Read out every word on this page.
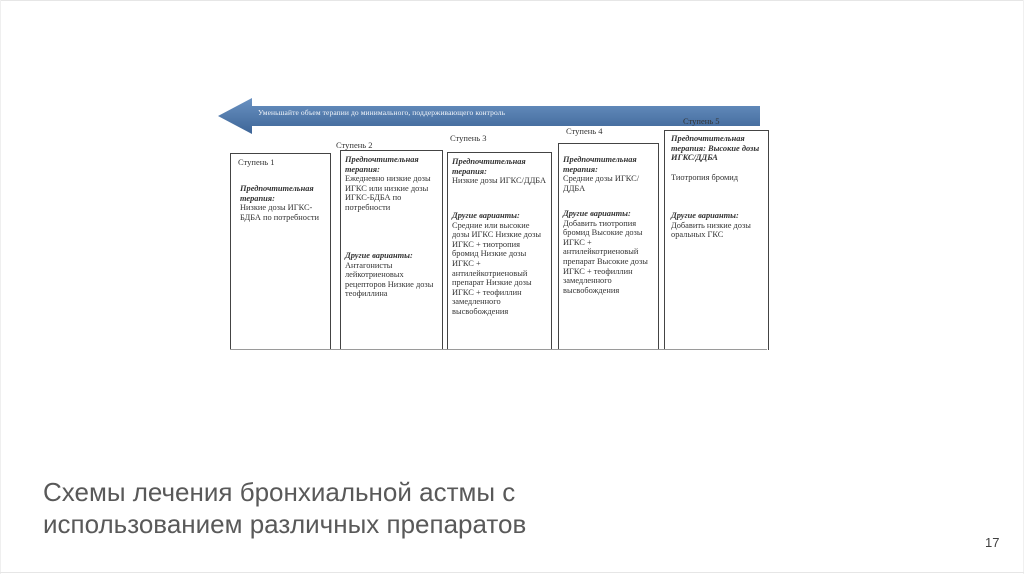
Уменьшайте объем терапии до минимального, поддерживающего контроль
Ступень 1
Предпочтительная терапия:
Низкие дозы ИГКС-БДБА по потребности
Ступень 2
Предпочтительная терапия:
Ежедневно низкие дозы ИГКС или низкие дозы ИГКС-БДБА по потребности
Другие варианты:
Антагонисты лейкотриеновых рецепторов Низкие дозы теофиллина
Ступень 3
Предпочтительная терапия:
Низкие дозы ИГКС/ДДБА
Другие варианты:
Средние или высокие дозы ИГКС Низкие дозы ИГКС + тиотропия бромид Низкие дозы ИГКС + антилейкотриеновый препарат Низкие дозы ИГКС + теофиллин замедленного высвобождения
Ступень 4
Предпочтительная терапия:
Средние дозы ИГКС/ДДБА
Другие варианты:
Добавить тиотропия бромид Высокие дозы ИГКС + антилейкотриеновый препарат Высокие дозы ИГКС + теофиллин замедленного высвобождения
Ступень 5
Предпочтительная терапия: Высокие дозы ИГКС/ДДБА
Тиотропия бромид
Другие варианты:
Добавить низкие дозы оральных ГКС
Схемы лечения бронхиальной астмы с
использованием различных препаратов
17
